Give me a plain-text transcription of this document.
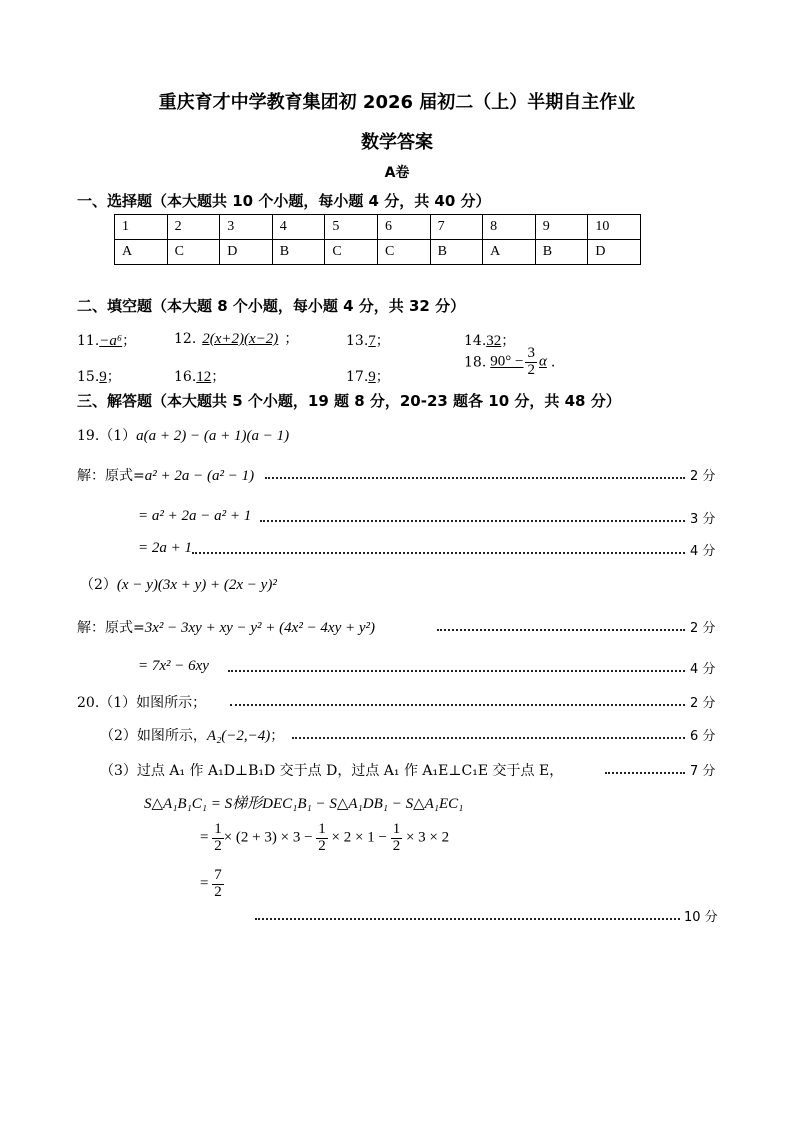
重庆育才中学教育集团初 2026 届初二（上）半期自主作业
数学答案
A卷
一、选择题（本大题共 10 个小题，每小题 4 分，共 40 分）
1	2	3	4	5	6	7	8	9	10
A	C	D	B	C	C	B	A	B	D
二、填空题（本大题 8 个小题，每小题 4 分，共 32 分）
11.−a⁶；	12. 2(x+2)(x−2) ；	13.7；	14.32；
15.9；	16.12；	17.9；
18. $90^\circ - \frac{3}{2}$ α .
三、解答题（本大题共 5 个小题，19 题 8 分，20-23 题各 10 分，共 48 分）
19.（1）a(a + 2) − (a + 1)(a − 1)
解：原式=a² + 2a − (a² − 1)	2 分
= a² + 2a − a² + 1	3 分
= 2a + 1	4 分
（2）(x − y)(3x + y) + (2x − y)²
解：原式=3x² − 3xy + xy − y² + (4x² − 4xy + y²)	2 分
= 7x² − 6xy	4 分
20.（1）如图所示；	2 分
（2）如图所示，A₂(−2,−4)；	6 分
（3）过点 A₁ 作 A₁D⊥B₁D 交于点 D，过点 A₁ 作 A₁E⊥C₁E 交于点 E，	7 分
S△A₁B₁C₁ = S梯形DEC₁B₁ − S△A₁DB₁ − S△A₁EC₁
= $\frac{1}{2} \times (2 + 3) \times 3 - \frac{1}{2} \times 2 \times 1 - \frac{1}{2} \times 3 \times 2$
= $\frac{7}{2}$
10 分
